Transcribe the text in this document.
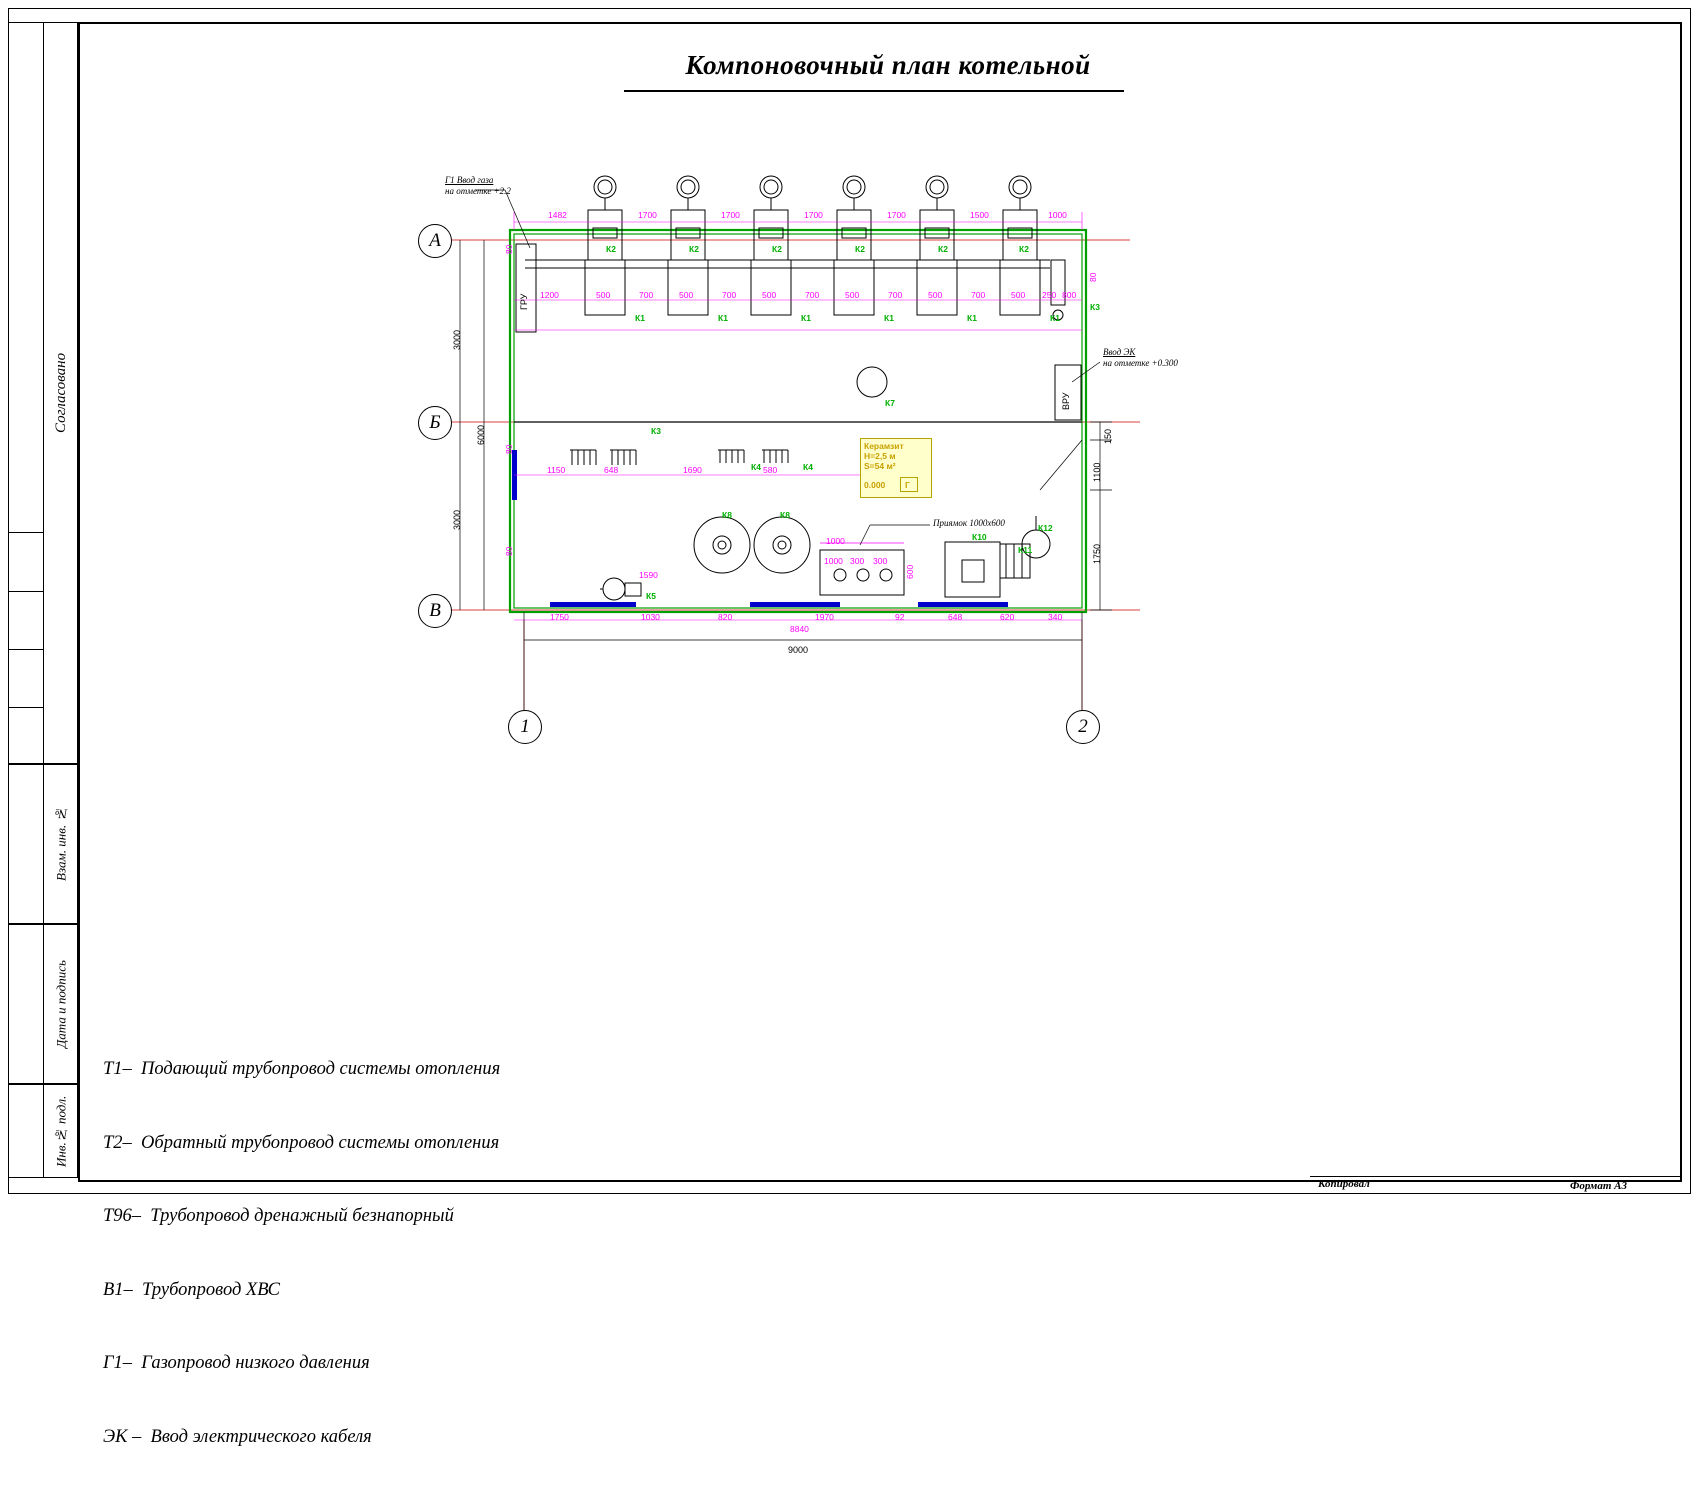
Согласовано
Взам. инв. №
Дата и подпись
Инв.№ подл.
Компоновочный план котельной

Т1–  Подающий трубопровод системы отопления

Т2–  Обратный трубопровод системы отопления

Т96–  Трубопровод дренажный безнапорный

В1–  Трубопровод ХВС

Г1–  Газопровод низкого давления

ЭК –  Ввод электрического кабеля

Копировал	Формат А3
А
Б
В
1	2
Г1 Ввод газа
на отметке +2.2
Ввод ЭК
на отметке +0.300
Приямок 1000х600
ГРУ
ВРУ
Керамзит
Н=2,5 м
S=54 м²
0.000 Г
3000
6000
3000
150
1100
1750
9000
8840
1482	1700	1700	1700	1700	1500	1000
1200	500	700	500	700	500	700	500	700	500	700	500 250 800
1150	648	1690	580
1750	1030	820	1970	92	648	620	340
1590
1000
1000 300 300
600
80
80
80
80
К2	К2	К2	К2	К2	К2
К1	К1	К1	К1	К1	К1
К3
К7
К3
К4	К4
К8	К8
К10
К12
К11
К5
